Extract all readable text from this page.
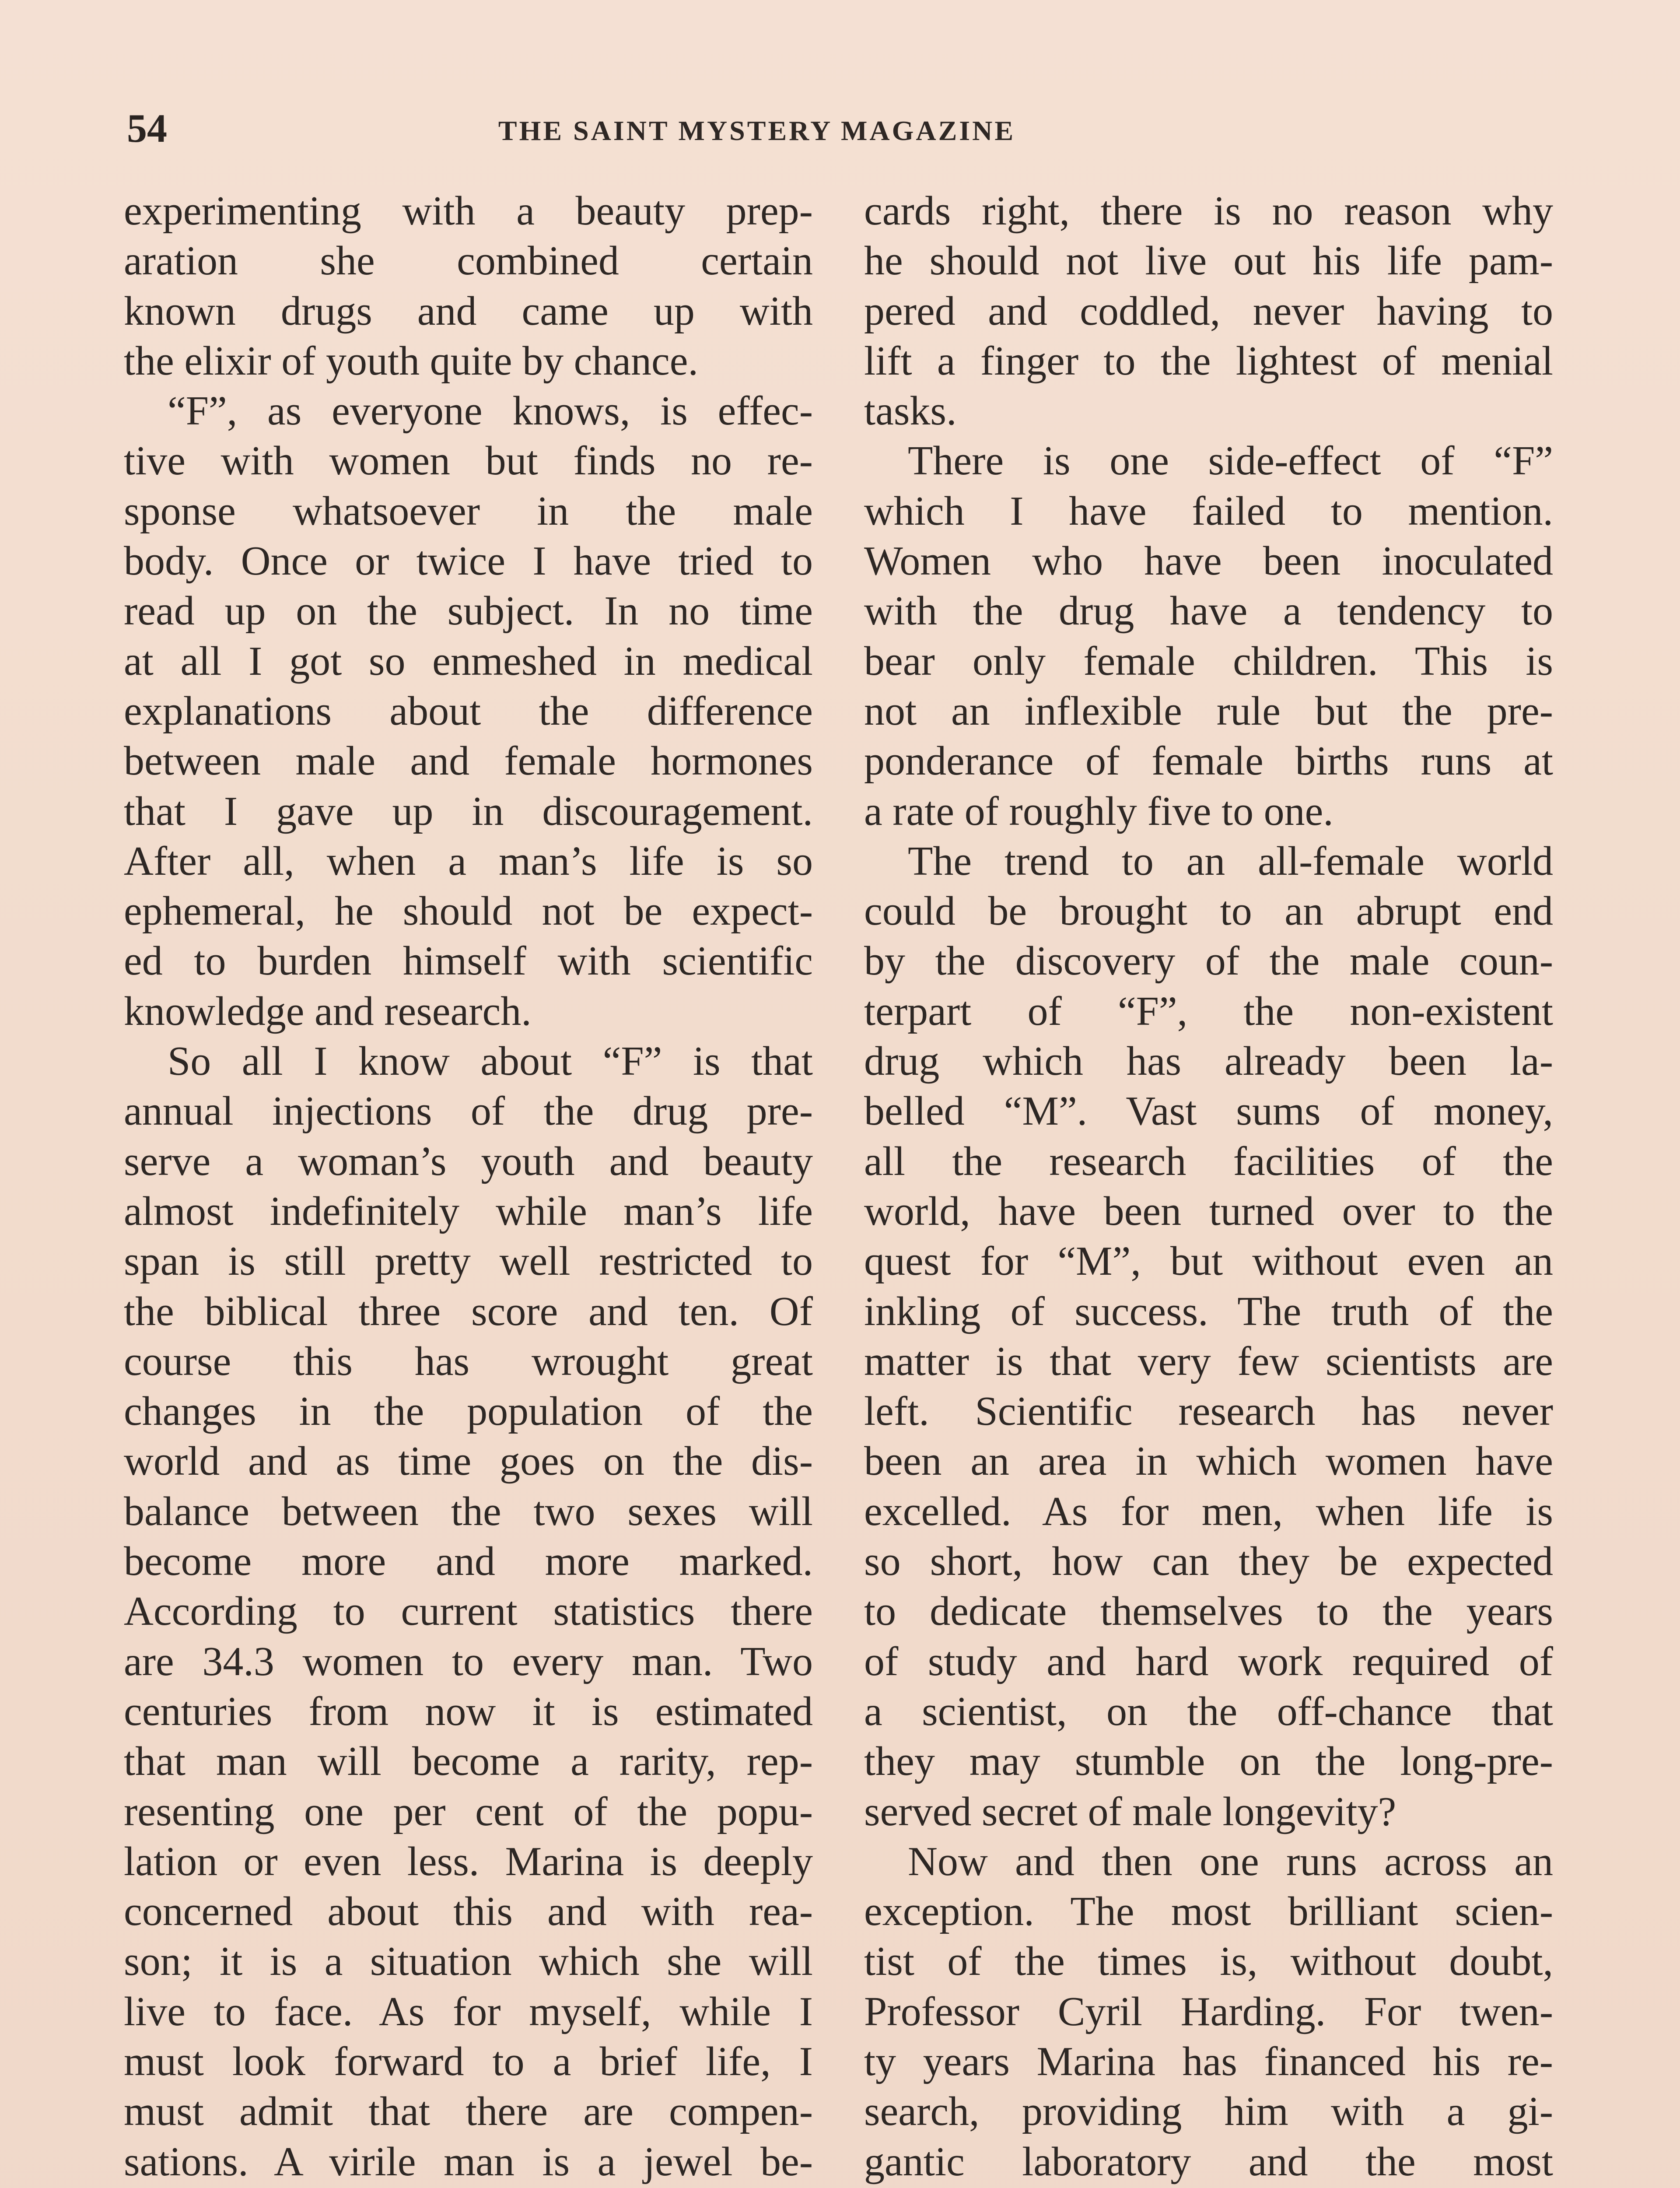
54	THE SAINT MYSTERY MAGAZINE
experimenting with a beauty prep-
aration she combined certain
known drugs and came up with
the elixir of youth quite by chance.
“F”, as everyone knows, is effec-
tive with women but finds no re-
sponse whatsoever in the male
body. Once or twice I have tried to
read up on the subject. In no time
at all I got so enmeshed in medical
explanations about the difference
between male and female hormones
that I gave up in discouragement.
After all, when a man’s life is so
ephemeral, he should not be expect-
ed to burden himself with scientific
knowledge and research.
So all I know about “F” is that
annual injections of the drug pre-
serve a woman’s youth and beauty
almost indefinitely while man’s life
span is still pretty well restricted to
the biblical three score and ten. Of
course this has wrought great
changes in the population of the
world and as time goes on the dis-
balance between the two sexes will
become more and more marked.
According to current statistics there
are 34.3 women to every man. Two
centuries from now it is estimated
that man will become a rarity, rep-
resenting one per cent of the popu-
lation or even less. Marina is deeply
concerned about this and with rea-
son; it is a situation which she will
live to face. As for myself, while I
must look forward to a brief life, I
must admit that there are compen-
sations. A virile man is a jewel be-
cards right, there is no reason why
he should not live out his life pam-
pered and coddled, never having to
lift a finger to the lightest of menial
tasks.
There is one side-effect of “F”
which I have failed to mention.
Women who have been inoculated
with the drug have a tendency to
bear only female children. This is
not an inflexible rule but the pre-
ponderance of female births runs at
a rate of roughly five to one.
The trend to an all-female world
could be brought to an abrupt end
by the discovery of the male coun-
terpart of “F”, the non-existent
drug which has already been la-
belled “M”. Vast sums of money,
all the research facilities of the
world, have been turned over to the
quest for “M”, but without even an
inkling of success. The truth of the
matter is that very few scientists are
left. Scientific research has never
been an area in which women have
excelled. As for men, when life is
so short, how can they be expected
to dedicate themselves to the years
of study and hard work required of
a scientist, on the off-chance that
they may stumble on the long-pre-
served secret of male longevity?
Now and then one runs across an
exception. The most brilliant scien-
tist of the times is, without doubt,
Professor Cyril Harding. For twen-
ty years Marina has financed his re-
search, providing him with a gi-
gantic laboratory and the most
